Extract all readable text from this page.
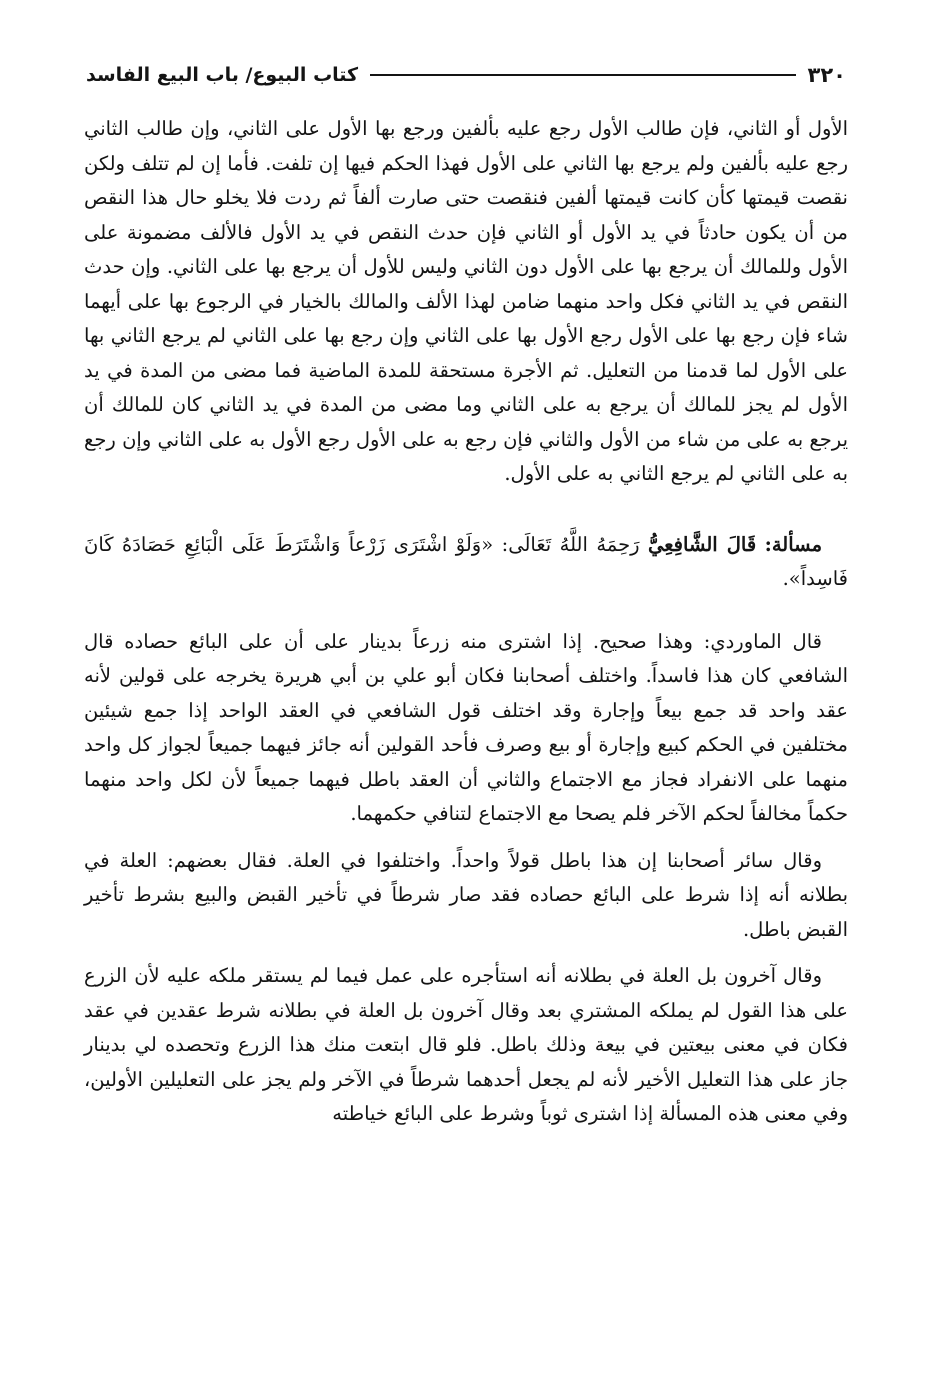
٣٢٠
كتاب البيوع/ باب البيع الفاسد

الأول أو الثاني، فإن طالب الأول رجع عليه بألفين ورجع بها الأول على الثاني، وإن طالب الثاني رجع عليه بألفين ولم يرجع بها الثاني على الأول فهذا الحكم فيها إن تلفت. فأما إن لم تتلف ولكن نقصت قيمتها كأن كانت قيمتها ألفين فنقصت حتى صارت ألفاً ثم ردت فلا يخلو حال هذا النقص من أن يكون حادثاً في يد الأول أو الثاني فإن حدث النقص في يد الأول فالألف مضمونة على الأول وللمالك أن يرجع بها على الأول دون الثاني وليس للأول أن يرجع بها على الثاني. وإن حدث النقص في يد الثاني فكل واحد منهما ضامن لهذا الألف والمالك بالخيار في الرجوع بها على أيهما شاء فإن رجع بها على الأول رجع الأول بها على الثاني وإن رجع بها على الثاني لم يرجع الثاني بها على الأول لما قدمنا من التعليل. ثم الأجرة مستحقة للمدة الماضية فما مضى من المدة في يد الأول لم يجز للمالك أن يرجع به على الثاني وما مضى من المدة في يد الثاني كان للمالك أن يرجع به على من شاء من الأول والثاني فإن رجع به على الأول رجع الأول به على الثاني وإن رجع به على الثاني لم يرجع الثاني به على الأول.

مسألة: قَالَ الشَّافِعِيُّ رَحِمَهُ اللَّهُ تَعَالَى: «وَلَوْ اشْتَرَى زَرْعاً وَاشْتَرَطَ عَلَى الْبَائِعِ حَصَادَهُ كَانَ فَاسِداً».

قال الماوردي: وهذا صحيح. إذا اشترى منه زرعاً بدينار على أن على البائع حصاده قال الشافعي كان هذا فاسداً. واختلف أصحابنا فكان أبو علي بن أبي هريرة يخرجه على قولين لأنه عقد واحد قد جمع بيعاً وإجارة وقد اختلف قول الشافعي في العقد الواحد إذا جمع شيئين مختلفين في الحكم كبيع وإجارة أو بيع وصرف فأحد القولين أنه جائز فيهما جميعاً لجواز كل واحد منهما على الانفراد فجاز مع الاجتماع والثاني أن العقد باطل فيهما جميعاً لأن لكل واحد منهما حكماً مخالفاً لحكم الآخر فلم يصحا مع الاجتماع لتنافي حكمهما.

وقال سائر أصحابنا إن هذا باطل قولاً واحداً. واختلفوا في العلة. فقال بعضهم: العلة في بطلانه أنه إذا شرط على البائع حصاده فقد صار شرطاً في تأخير القبض والبيع بشرط تأخير القبض باطل.

وقال آخرون بل العلة في بطلانه أنه استأجره على عمل فيما لم يستقر ملكه عليه لأن الزرع على هذا القول لم يملكه المشتري بعد وقال آخرون بل العلة في بطلانه شرط عقدين في عقد فكان في معنى بيعتين في بيعة وذلك باطل. فلو قال ابتعت منك هذا الزرع وتحصده لي بدينار جاز على هذا التعليل الأخير لأنه لم يجعل أحدهما شرطاً في الآخر ولم يجز على التعليلين الأولين، وفي معنى هذه المسألة إذا اشترى ثوباً وشرط على البائع خياطته
